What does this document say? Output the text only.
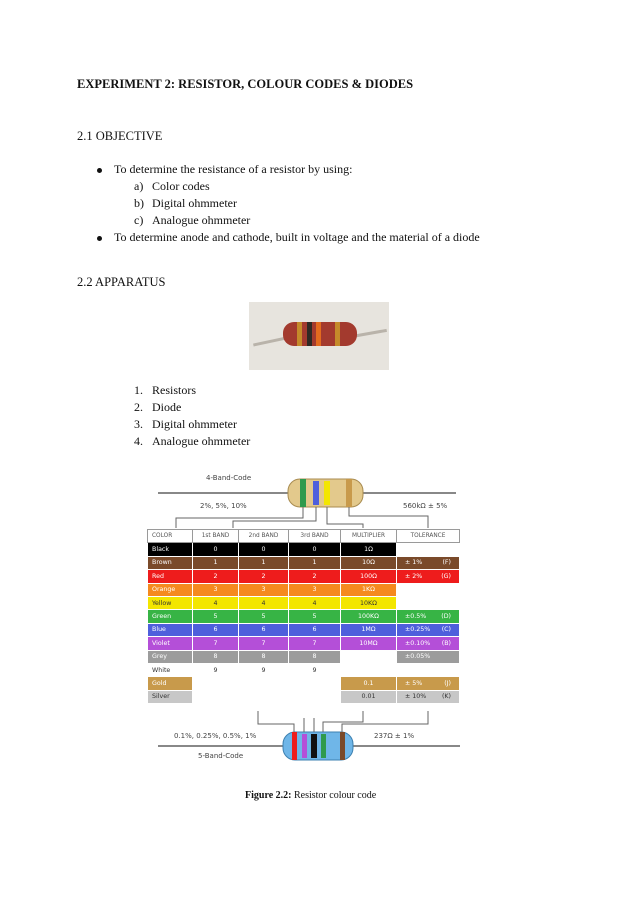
EXPERIMENT 2: RESISTOR, COLOUR CODES & DIODES
2.1 OBJECTIVE
To determine the resistance of a resistor by using:
a) Color codes
b) Digital ohmmeter
c) Analogue ohmmeter
To determine anode and cathode, built in voltage and the material of a diode
2.2 APPARATUS
1. Resistors
2. Diode
3. Digital ohmmeter
4. Analogue ohmmeter
4-Band-Code
2%, 5%, 10%	560kΩ ± 5%
0.1%, 0.25%, 0.5%, 1%
5-Band-Code
237Ω ± 1%
COLOR	1st BAND	2nd BAND	3rd BAND	MULTIPLIER	TOLERANCE
Black	0	0	0	1Ω	

Brown	1	1	1	10Ω	± 1% (F)

Red	2	2	2	100Ω	± 2% (G)

Orange	3	3	3	1KΩ	

Yellow	4	4	4	10KΩ	

Green	5	5	5	100KΩ	±0.5% (D)

Blue	6	6	6	1MΩ	±0.25% (C)

Violet	7	7	7	10MΩ	±0.10% (B)

Grey	8	8	8		±0.05%

White	9	9	9		

Gold				0.1	± 5% (J)

Silver				0.01	± 10% (K)
Figure 2.2: Resistor colour code
